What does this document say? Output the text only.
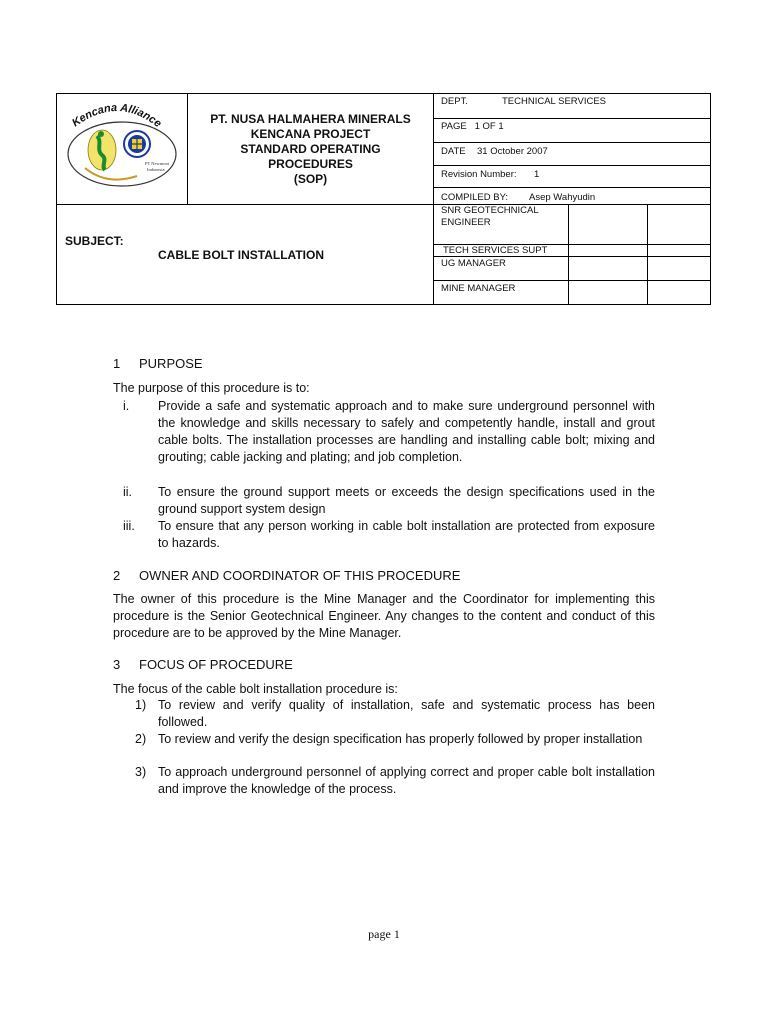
Kencana Alliance
PT Newmont
Indonesia
PT. NUSA HALMAHERA MINERALS
KENCANA PROJECT
STANDARD OPERATING
PROCEDURES
(SOP)
DEPT.	TECHNICAL SERVICES
PAGE   1 OF 1
DATE 31 October 2007
Revision Number: 1
COMPILED BY: Asep Wahyudin
SUBJECT:
CABLE BOLT INSTALLATION
SNR GEOTECHNICAL ENGINEER
TECH SERVICES SUPT
UG MANAGER
MINE MANAGER
1 PURPOSE
The purpose of this procedure is to:
i.	Provide a safe and systematic approach and to make sure underground personnel with the knowledge and skills necessary to safely and competently handle, install and grout cable bolts. The installation processes are handling and installing cable bolt; mixing and grouting; cable jacking and plating; and job completion.
ii.	To ensure the ground support meets or exceeds the design specifications used in the ground support system design
iii.	To ensure that any person working in cable bolt installation are protected from exposure to hazards.
2 OWNER AND COORDINATOR OF THIS PROCEDURE
The owner of this procedure is the Mine Manager and the Coordinator for implementing this procedure is the Senior Geotechnical Engineer. Any changes to the content and conduct of this procedure are to be approved by the Mine Manager.
3 FOCUS OF PROCEDURE
The focus of the cable bolt installation procedure is:
1) To review and verify quality of installation, safe and systematic process has been followed.
2) To review and verify the design specification has properly followed by proper installation
3) To approach underground personnel of applying correct and proper cable bolt installation and improve the knowledge of the process.
page 1
